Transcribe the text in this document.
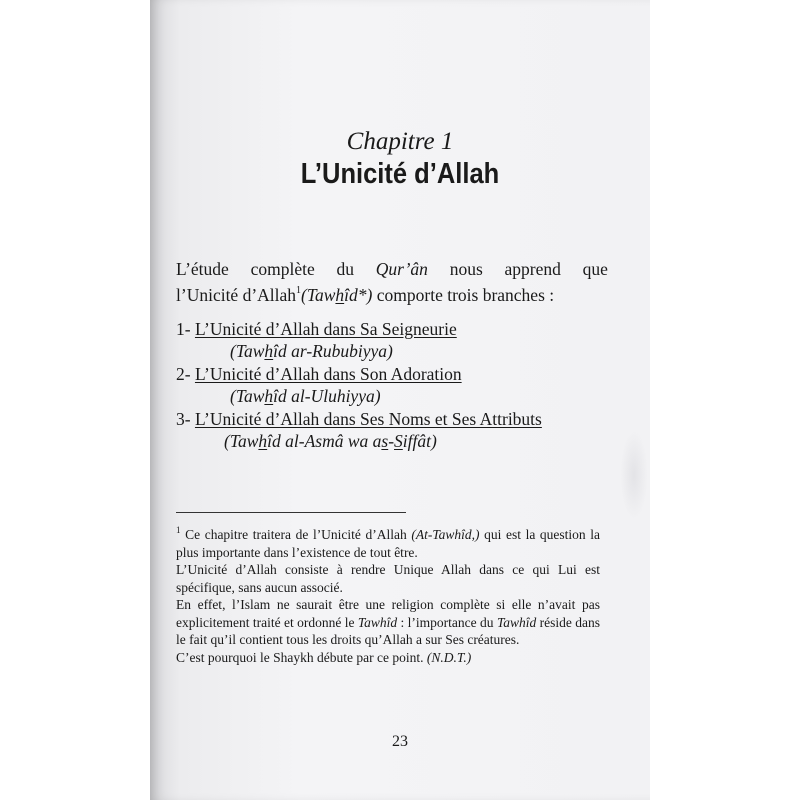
Chapitre 1
L’Unicité d’Allah
L’étude complète du Qur’ân nous apprend que
l’Unicité d’Allah$^1$(Tawhîd*) comporte trois branches :
1- L’Unicité d’Allah dans Sa Seigneurie
(Tawhîd ar-Rububiyya)
2- L’Unicité d’Allah dans Son Adoration
(Tawhîd al-Uluhiyya)
3- L’Unicité d’Allah dans Ses Noms et Ses Attributs
(Tawhîd al-Asmâ wa as-Siffât)

$^1$ Ce chapitre traitera de l’Unicité d’Allah (At-Tawhîd,) qui est la question la plus importante dans l’existence de tout être.

L’Unicité d’Allah consiste à rendre Unique Allah dans ce qui Lui est spécifique, sans aucun associé.

En effet, l’Islam ne saurait être une religion complète si elle n’avait pas explicitement traité et ordonné le Tawhîd : l’importance du Tawhîd réside dans le fait qu’il contient tous les droits qu’Allah a sur Ses créatures.

C’est pourquoi le Shaykh débute par ce point. (N.D.T.)

23
